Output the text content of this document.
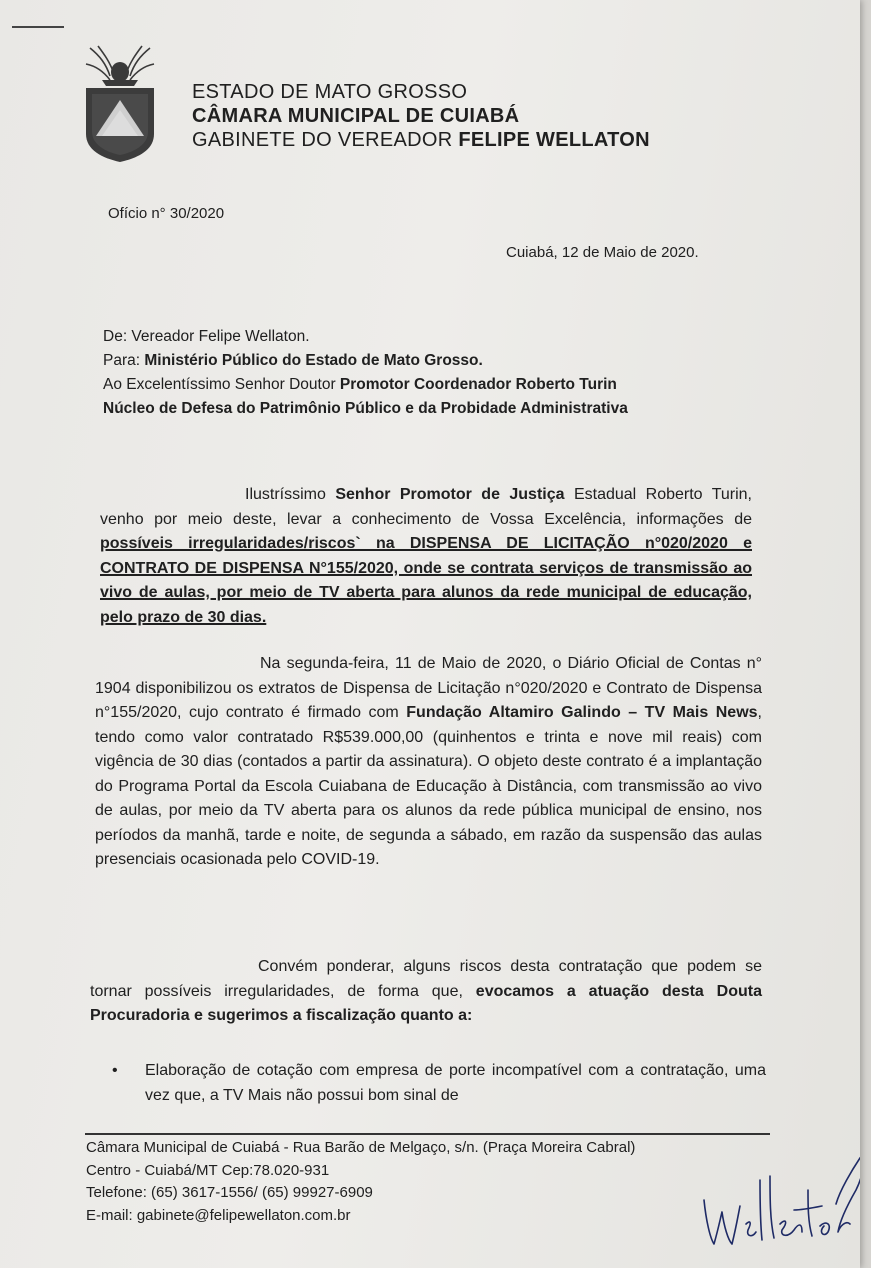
ESTADO DE MATO GROSSO
CÂMARA MUNICIPAL DE CUIABÁ
GABINETE DO VEREADOR FELIPE WELLATON
Ofício n° 30/2020
Cuiabá, 12 de Maio de 2020.
De: Vereador Felipe Wellaton.
Para: Ministério Público do Estado de Mato Grosso.
Ao Excelentíssimo Senhor Doutor Promotor Coordenador Roberto Turin
Núcleo de Defesa do Patrimônio Público e da Probidade Administrativa
Ilustríssimo Senhor Promotor de Justiça Estadual Roberto Turin, venho por meio deste, levar a conhecimento de Vossa Excelência, informações de possíveis irregularidades/riscos` na DISPENSA DE LICITAÇÃO n°020/2020 e CONTRATO DE DISPENSA N°155/2020, onde se contrata serviços de transmissão ao vivo de aulas, por meio de TV aberta para alunos da rede municipal de educação, pelo prazo de 30 dias.
Na segunda-feira, 11 de Maio de 2020, o Diário Oficial de Contas n° 1904 disponibilizou os extratos de Dispensa de Licitação n°020/2020 e Contrato de Dispensa n°155/2020, cujo contrato é firmado com Fundação Altamiro Galindo – TV Mais News, tendo como valor contratado R$539.000,00 (quinhentos e trinta e nove mil reais) com vigência de 30 dias (contados a partir da assinatura). O objeto deste contrato é a implantação do Programa Portal da Escola Cuiabana de Educação à Distância, com transmissão ao vivo de aulas, por meio da TV aberta para os alunos da rede pública municipal de ensino, nos períodos da manhã, tarde e noite, de segunda a sábado, em razão da suspensão das aulas presenciais ocasionada pelo COVID-19.
Convém ponderar, alguns riscos desta contratação que podem se tornar possíveis irregularidades, de forma que, evocamos a atuação desta Douta Procuradoria e sugerimos a fiscalização quanto a:
• Elaboração de cotação com empresa de porte incompatível com a contratação, uma vez que, a TV Mais não possui bom sinal de
Câmara Municipal de Cuiabá - Rua Barão de Melgaço, s/n. (Praça Moreira Cabral)
Centro - Cuiabá/MT Cep:78.020-931
Telefone: (65) 3617-1556/ (65) 99927-6909
E-mail: gabinete@felipewellaton.com.br
